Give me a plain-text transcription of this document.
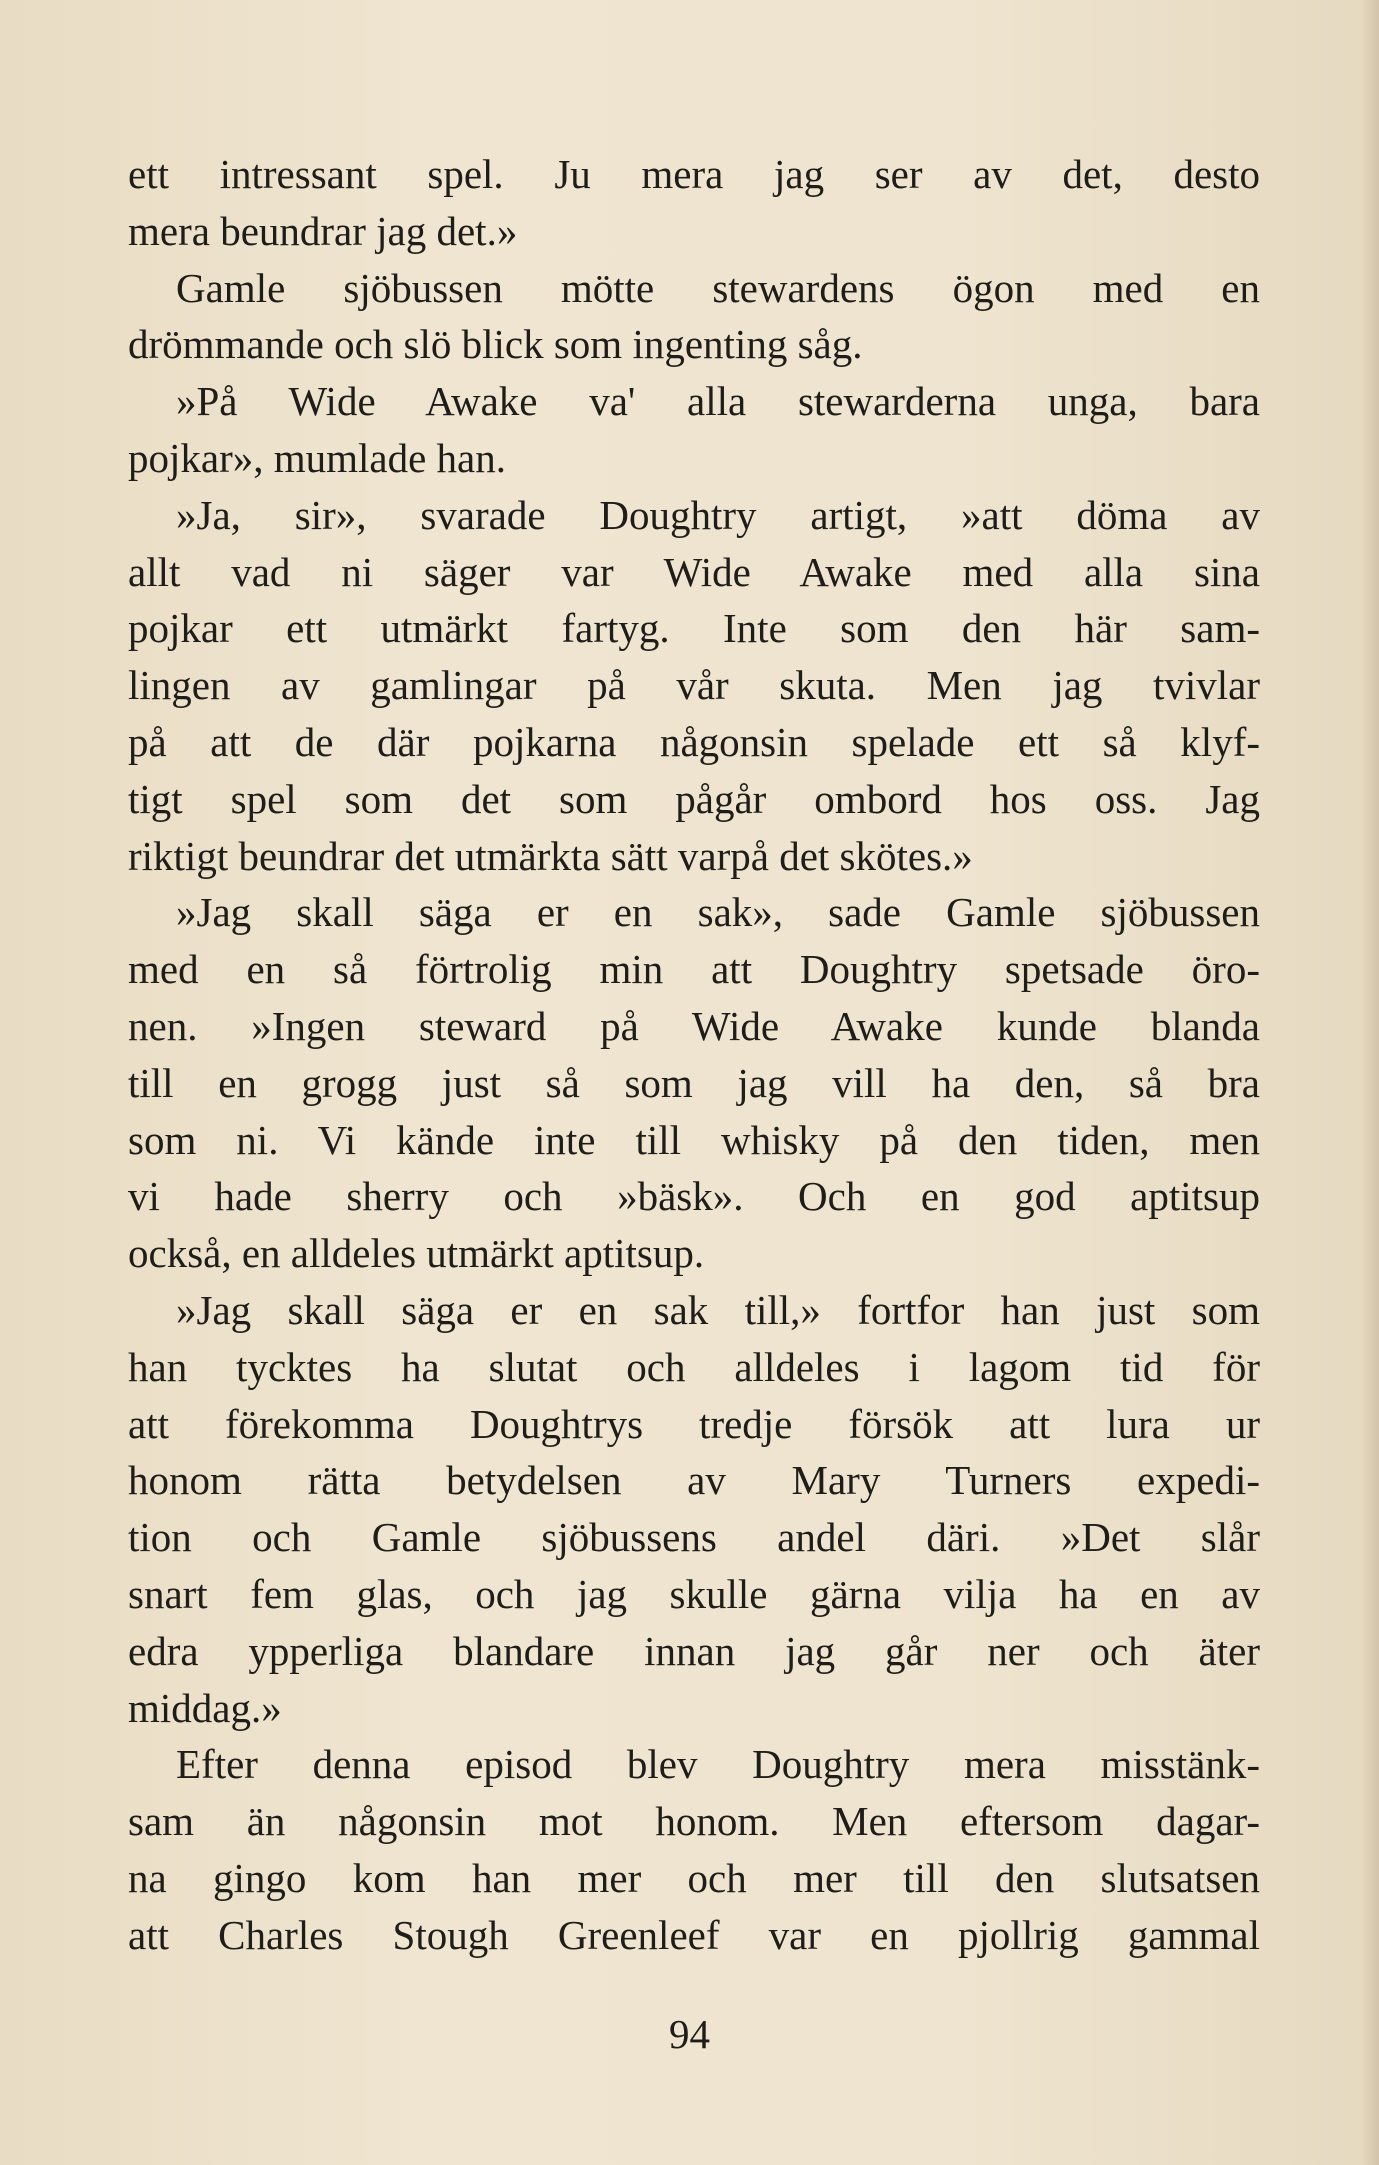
ett intressant spel. Ju mera jag ser av det, desto
mera beundrar jag det.»
Gamle sjöbussen mötte stewardens ögon med en
drömmande och slö blick som ingenting såg.
»På Wide Awake va' alla stewarderna unga, bara
pojkar», mumlade han.
»Ja, sir», svarade Doughtry artigt, »att döma av
allt vad ni säger var Wide Awake med alla sina
pojkar ett utmärkt fartyg. Inte som den här sam-
lingen av gamlingar på vår skuta. Men jag tvivlar
på att de där pojkarna någonsin spelade ett så klyf-
tigt spel som det som pågår ombord hos oss. Jag
riktigt beundrar det utmärkta sätt varpå det skötes.»
»Jag skall säga er en sak», sade Gamle sjöbussen
med en så förtrolig min att Doughtry spetsade öro-
nen. »Ingen steward på Wide Awake kunde blanda
till en grogg just så som jag vill ha den, så bra
som ni. Vi kände inte till whisky på den tiden, men
vi hade sherry och »bäsk». Och en god aptitsup
också, en alldeles utmärkt aptitsup.
»Jag skall säga er en sak till,» fortfor han just som
han tycktes ha slutat och alldeles i lagom tid för
att förekomma Doughtrys tredje försök att lura ur
honom rätta betydelsen av Mary Turners expedi-
tion och Gamle sjöbussens andel däri. »Det slår
snart fem glas, och jag skulle gärna vilja ha en av
edra ypperliga blandare innan jag går ner och äter
middag.»
Efter denna episod blev Doughtry mera misstänk-
sam än någonsin mot honom. Men eftersom dagar-
na gingo kom han mer och mer till den slutsatsen
att Charles Stough Greenleef var en pjollrig gammal
94
